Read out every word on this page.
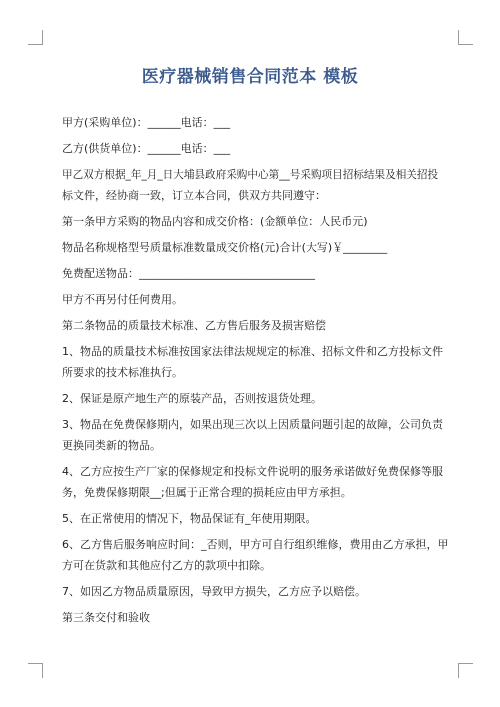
医疗器械销售合同范本 模板
甲方(采购单位)：______电话：___
乙方(供货单位)：______电话：___
甲乙双方根据_年_月_日大埔县政府采购中心第__号采购项目招标结果及相关招投
标文件，经协商一致，订立本合同，供双方共同遵守：
第一条甲方采购的物品内容和成交价格：(金额单位：人民币元)
物品名称规格型号质量标准数量成交价格(元)合计(大写)￥________
免费配送物品：________________________________
甲方不再另付任何费用。
第二条物品的质量技术标准、乙方售后服务及损害赔偿
1、物品的质量技术标准按国家法律法规规定的标准、招标文件和乙方投标文件
所要求的技术标准执行。
2、保证是原产地生产的原装产品，否则按退货处理。
3、物品在免费保修期内，如果出现三次以上因质量问题引起的故障，公司负责
更换同类新的物品。
4、乙方应按生产厂家的保修规定和投标文件说明的服务承诺做好免费保修等服
务，免费保修期限__;但属于正常合理的损耗应由甲方承担。
5、在正常使用的情况下，物品保证有_年使用期限。
6、乙方售后服务响应时间：_否则，甲方可自行组织维修，费用由乙方承担，甲
方可在货款和其他应付乙方的款项中扣除。
7、如因乙方物品质量原因，导致甲方损失，乙方应予以赔偿。
第三条交付和验收
